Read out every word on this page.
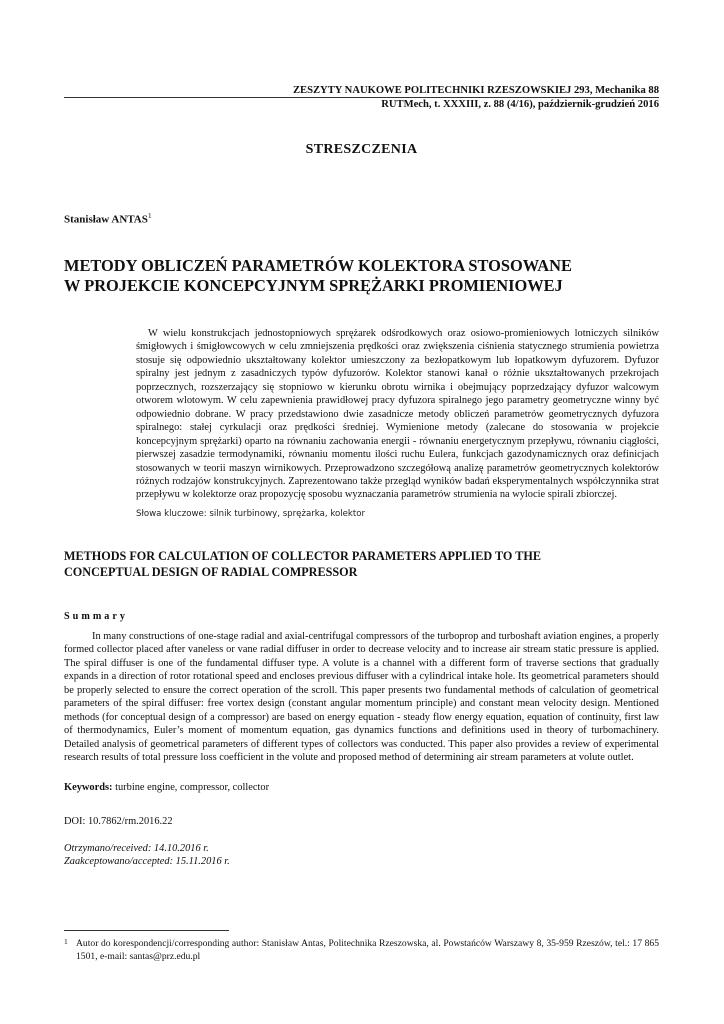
ZESZYTY NAUKOWE POLITECHNIKI RZESZOWSKIEJ 293, Mechanika 88
RUTMech, t. XXXIII, z. 88 (4/16), październik-grudzień 2016
STRESZCZENIA
Stanisław ANTAS$^1$
METODY OBLICZEŃ PARAMETRÓW KOLEKTORA STOSOWANE
W PROJEKCIE KONCEPCYJNYM SPRĘŻARKI PROMIENIOWEJ
W wielu konstrukcjach jednostopniowych sprężarek odśrodkowych oraz osiowo-promieniowych lotniczych silników śmigłowych i śmigłowcowych w celu zmniejszenia prędkości oraz zwiększenia ciśnienia statycznego strumienia powietrza stosuje się odpowiednio ukształtowany kolektor umieszczony za bezłopatkowym lub łopatkowym dyfuzorem. Dyfuzor spiralny jest jednym z zasadniczych typów dyfuzorów. Kolektor stanowi kanał o różnie ukształtowanych przekrojach poprzecznych, rozszerzający się stopniowo w kierunku obrotu wirnika i obejmujący poprzedzający dyfuzor walcowym otworem wlotowym. W celu zapewnienia prawidłowej pracy dyfuzora spiralnego jego parametry geometryczne winny być odpowiednio dobrane. W pracy przedstawiono dwie zasadnicze metody obliczeń parametrów geometrycznych dyfuzora spiralnego: stałej cyrkulacji oraz prędkości średniej. Wymienione metody (zalecane do stosowania w projekcie koncepcyjnym sprężarki) oparto na równaniu zachowania energii - równaniu energetycznym przepływu, równaniu ciągłości, pierwszej zasadzie termodynamiki, równaniu momentu ilości ruchu Eulera, funkcjach gazodynamicznych oraz definicjach stosowanych w teorii maszyn wirnikowych. Przeprowadzono szczegółową analizę parametrów geometrycznych kolektorów różnych rodzajów konstrukcyjnych. Zaprezentowano także przegląd wyników badań eksperymentalnych współczynnika strat przepływu w kolektorze oraz propozycję sposobu wyznaczania parametrów strumienia na wylocie spirali zbiorczej.
Słowa kluczowe: silnik turbinowy, sprężarka, kolektor
METHODS FOR CALCULATION OF COLLECTOR PARAMETERS APPLIED TO THE
CONCEPTUAL DESIGN OF RADIAL COMPRESSOR
Summary
In many constructions of one-stage radial and axial-centrifugal compressors of the turboprop and turboshaft aviation engines, a properly formed collector placed after vaneless or vane radial diffuser in order to decrease velocity and to increase air stream static pressure is applied. The spiral diffuser is one of the fundamental diffuser type. A volute is a channel with a different form of traverse sections that gradually expands in a direction of rotor rotational speed and encloses previous diffuser with a cylindrical intake hole. Its geometrical parameters should be properly selected to ensure the correct operation of the scroll. This paper presents two fundamental methods of calculation of geometrical parameters of the spiral diffuser: free vortex design (constant angular momentum principle) and constant mean velocity design. Mentioned methods (for conceptual design of a compressor) are based on energy equation - steady flow energy equation, equation of continuity, first law of thermodynamics, Euler’s moment of momentum equation, gas dynamics functions and definitions used in theory of turbomachinery. Detailed analysis of geometrical parameters of different types of collectors was conducted. This paper also provides a review of experimental research results of total pressure loss coefficient in the volute and proposed method of determining air stream parameters at volute outlet.
Keywords: turbine engine, compressor, collector
DOI: 10.7862/rm.2016.22
Otrzymano/received: 14.10.2016 r.
Zaakceptowano/accepted: 15.11.2016 r.
1 Autor do korespondencji/corresponding author: Stanisław Antas, Politechnika Rzeszowska, al. Powstańców Warszawy 8, 35-959 Rzeszów, tel.: 17 865 1501, e-mail: santas@prz.edu.pl
